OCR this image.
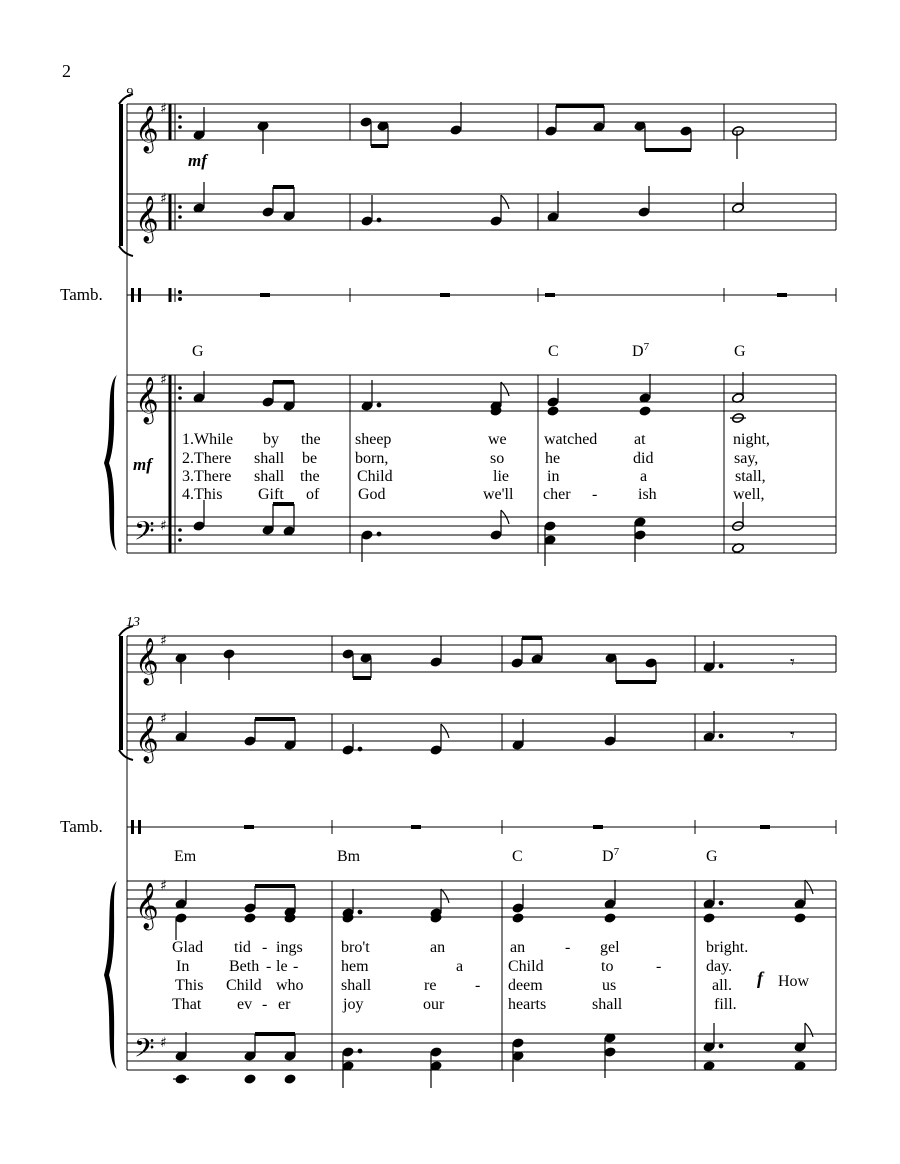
2
9
𝄞 ♯
mf
𝄞 ♯
Tamb.
G	C	$D^7$	G
𝄞 ♯
mf
1.While by the sheep	we watched at	night,
2.There shall be born,	so	he	did	say,
3.There shall the Child	lie in	a	stall,
4.This Gift of God	we'll cher -	ish	well,
𝄢 ♯
13
𝄞 ♯
𝄾
𝄞 ♯
𝄾
Tamb.
Em	Bm	C	$D^7$	G
𝄞 ♯
Glad tid - ings bro't	an	an - gel	bright.
In Beth - le -	hem	a	Child	to	-	day.
This Child who shall	re - deem	us	all.
That ev - er	joy	our	hearts	shall	fill.
f How
𝄢 ♯
